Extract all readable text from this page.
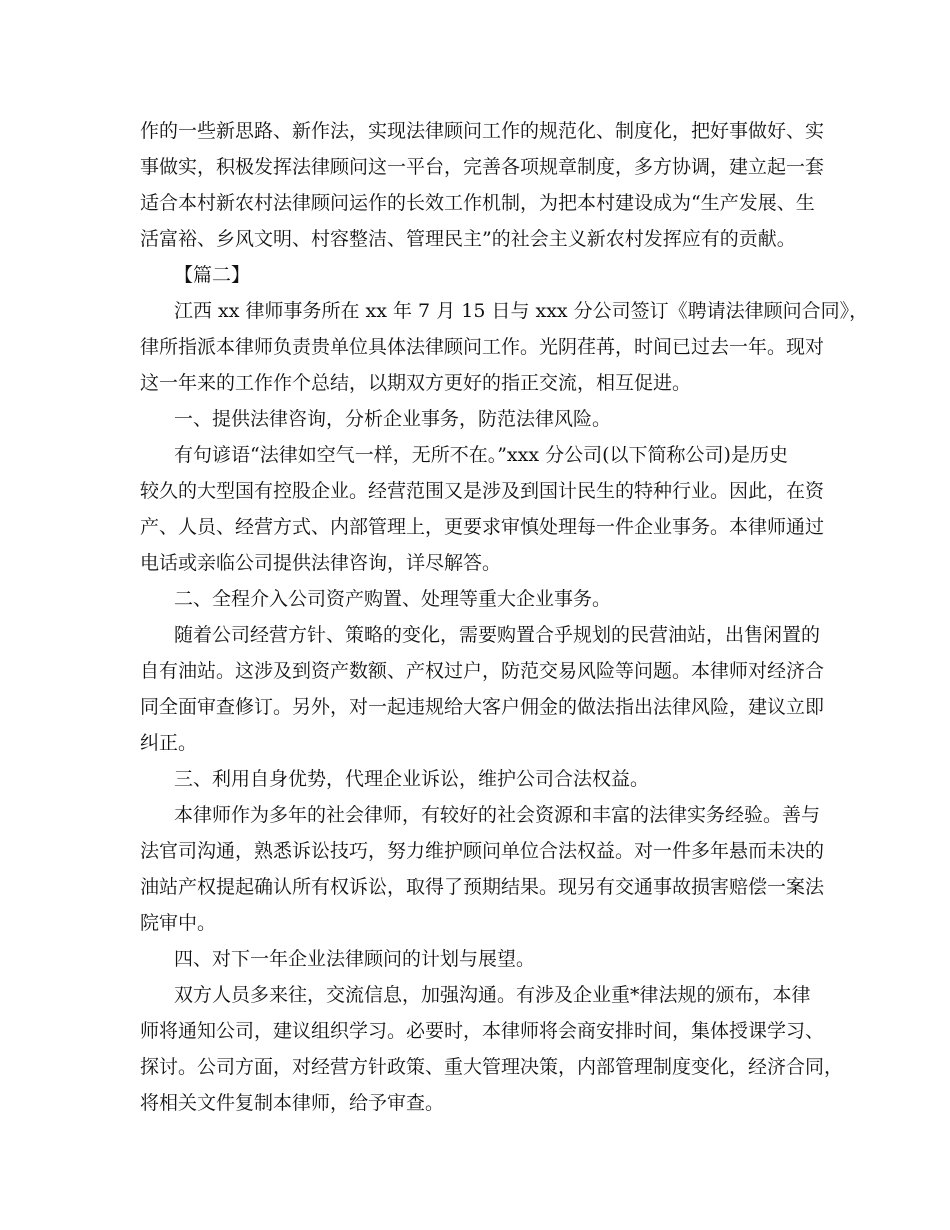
作的一些新思路、新作法，实现法律顾问工作的规范化、制度化，把好事做好、实
事做实，积极发挥法律顾问这一平台，完善各项规章制度，多方协调，建立起一套
适合本村新农村法律顾问运作的长效工作机制，为把本村建设成为“生产发展、生
活富裕、乡风文明、村容整洁、管理民主”的社会主义新农村发挥应有的贡献。
【篇二】
江西 xx 律师事务所在 xx 年 7 月 15 日与 xxx 分公司签订《聘请法律顾问合同》，
律所指派本律师负责贵单位具体法律顾问工作。光阴荏苒，时间已过去一年。现对
这一年来的工作作个总结，以期双方更好的指正交流，相互促进。
一、提供法律咨询，分析企业事务，防范法律风险。
有句谚语“法律如空气一样，无所不在。”xxx 分公司(以下简称公司)是历史
较久的大型国有控股企业。经营范围又是涉及到国计民生的特种行业。因此，在资
产、人员、经营方式、内部管理上，更要求审慎处理每一件企业事务。本律师通过
电话或亲临公司提供法律咨询，详尽解答。
二、全程介入公司资产购置、处理等重大企业事务。
随着公司经营方针、策略的变化，需要购置合乎规划的民营油站，出售闲置的
自有油站。这涉及到资产数额、产权过户，防范交易风险等问题。本律师对经济合
同全面审查修订。另外，对一起违规给大客户佣金的做法指出法律风险，建议立即
纠正。
三、利用自身优势，代理企业诉讼，维护公司合法权益。
本律师作为多年的社会律师，有较好的社会资源和丰富的法律实务经验。善与
法官司沟通，熟悉诉讼技巧，努力维护顾问单位合法权益。对一件多年悬而未决的
油站产权提起确认所有权诉讼，取得了预期结果。现另有交通事故损害赔偿一案法
院审中。
四、对下一年企业法律顾问的计划与展望。
双方人员多来往，交流信息，加强沟通。有涉及企业重*律法规的颁布，本律
师将通知公司，建议组织学习。必要时，本律师将会商安排时间，集体授课学习、
探讨。公司方面，对经营方针政策、重大管理决策，内部管理制度变化，经济合同，
将相关文件复制本律师，给予审查。
